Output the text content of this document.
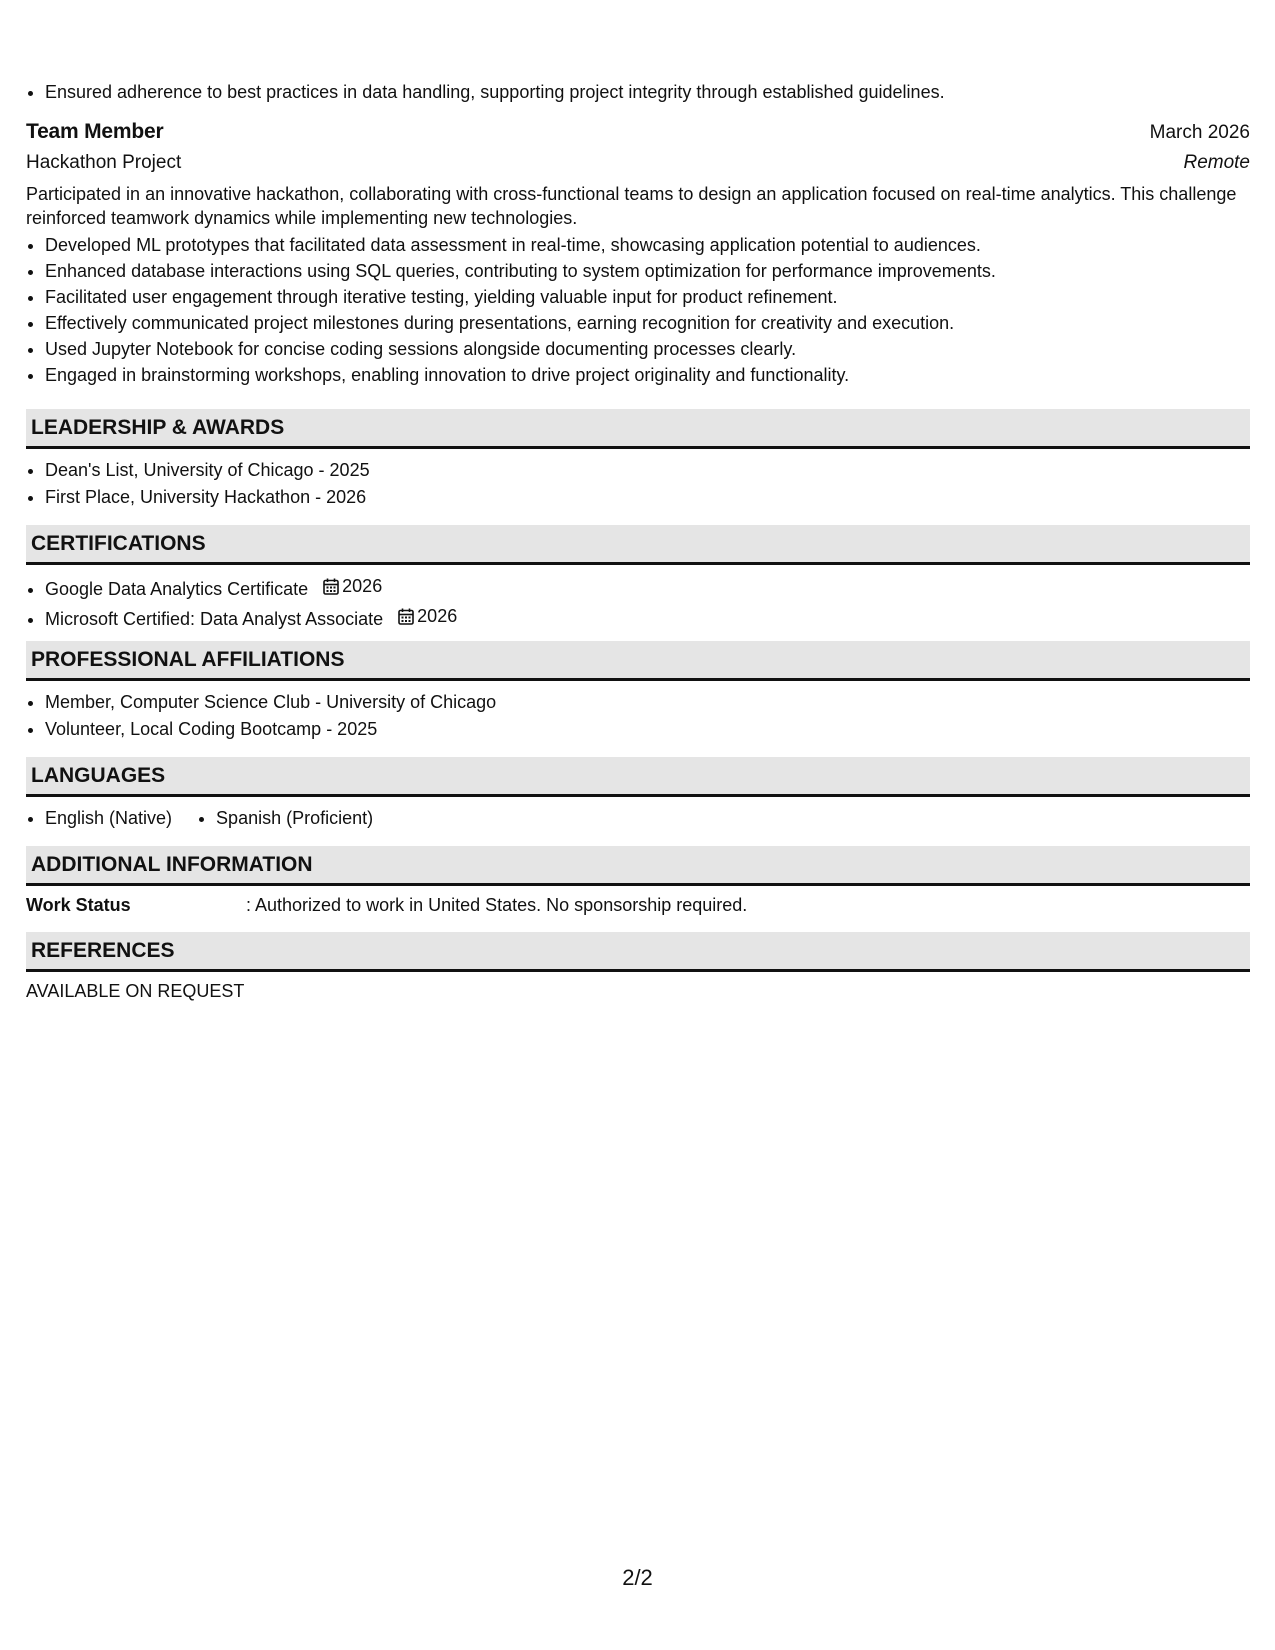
• Ensured adherence to best practices in data handling, supporting project integrity through established guidelines.
Team Member	March 2026
Hackathon Project	Remote
Participated in an innovative hackathon, collaborating with cross-functional teams to design an application focused on real-time analytics. This challenge reinforced teamwork dynamics while implementing new technologies.
• Developed ML prototypes that facilitated data assessment in real-time, showcasing application potential to audiences.
• Enhanced database interactions using SQL queries, contributing to system optimization for performance improvements.
• Facilitated user engagement through iterative testing, yielding valuable input for product refinement.
• Effectively communicated project milestones during presentations, earning recognition for creativity and execution.
• Used Jupyter Notebook for concise coding sessions alongside documenting processes clearly.
• Engaged in brainstorming workshops, enabling innovation to drive project originality and functionality.
LEADERSHIP & AWARDS
• Dean's List, University of Chicago - 2025
• First Place, University Hackathon - 2026
CERTIFICATIONS
• Google Data Analytics Certificate 2026
• Microsoft Certified: Data Analyst Associate 2026
PROFESSIONAL AFFILIATIONS
• Member, Computer Science Club - University of Chicago
• Volunteer, Local Coding Bootcamp - 2025
LANGUAGES
• English (Native)
• Spanish (Proficient)
ADDITIONAL INFORMATION
Work Status	: Authorized to work in United States. No sponsorship required.
REFERENCES
AVAILABLE ON REQUEST
2/2
